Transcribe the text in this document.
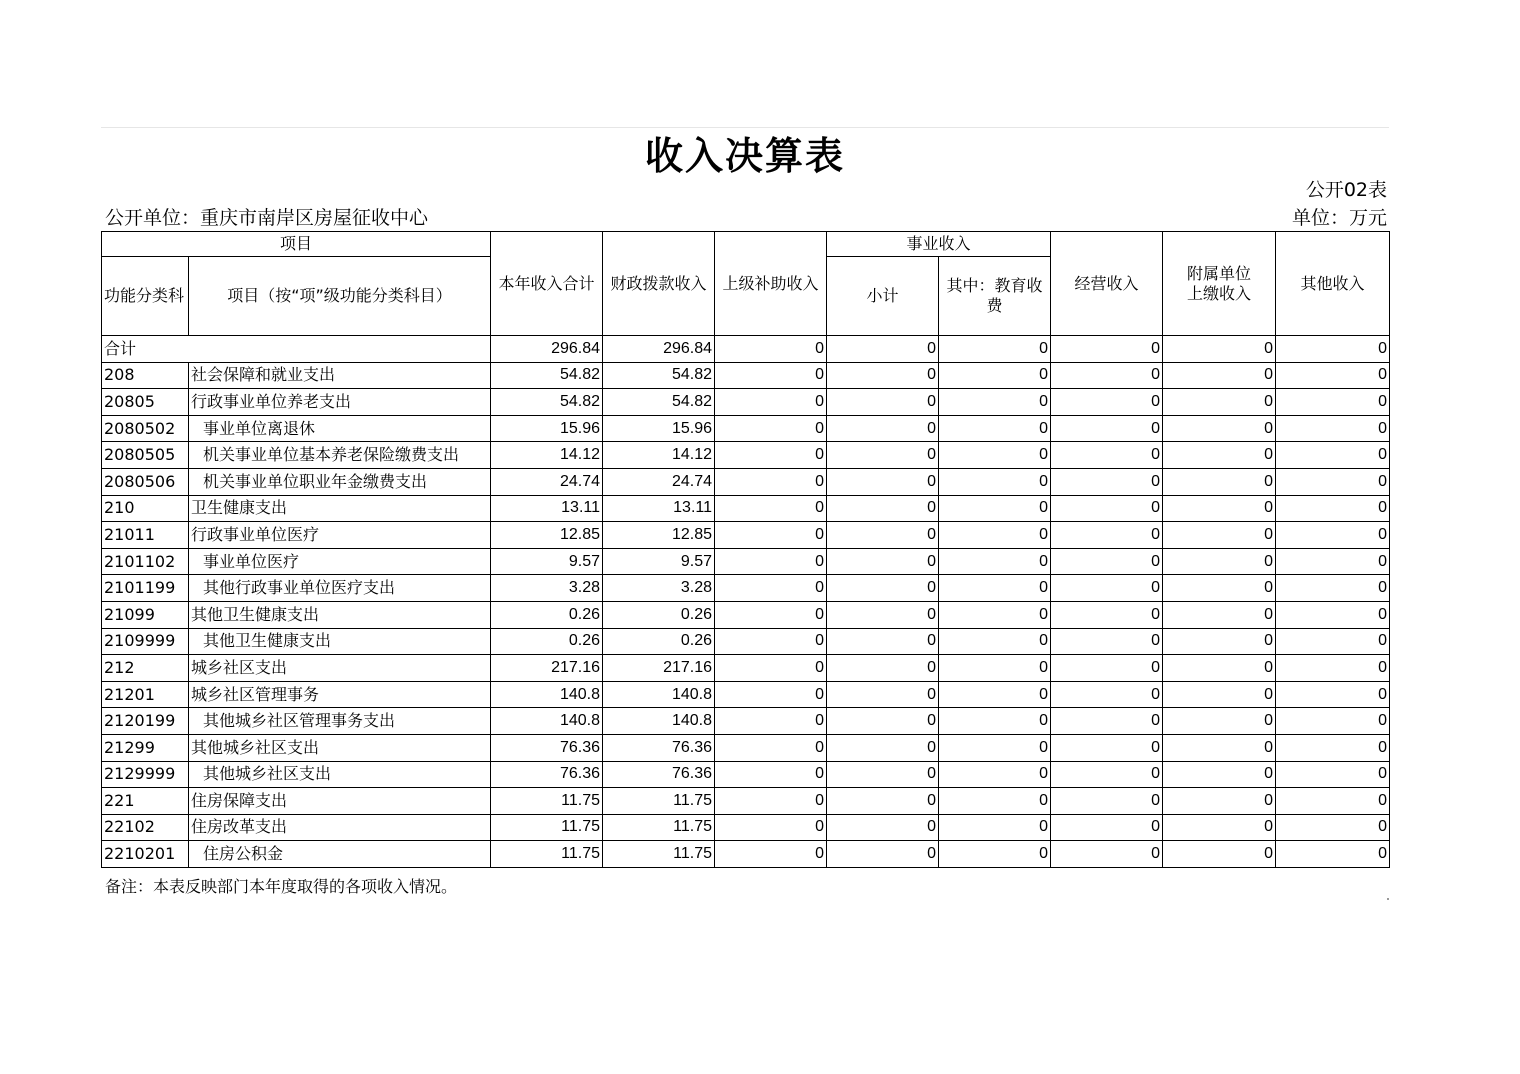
收入决算表
公开02表
公开单位：重庆市南岸区房屋征收中心	单位：万元
项目		本年收入合计	财政拨款收入	上级补助收入	事业收入		经营收入	附属单位上缴收入	其他收入
功能分类科	项目（按“项”级功能分类科目）				小计	其中：教育收费			
合计		296.84	296.84	0	0	0	0	0	0
208	社会保障和就业支出	54.82	54.82	0	0	0	0	0	0
20805	行政事业单位养老支出	54.82	54.82	0	0	0	0	0	0
2080502	事业单位离退休	15.96	15.96	0	0	0	0	0	0
2080505	机关事业单位基本养老保险缴费支出	14.12	14.12	0	0	0	0	0	0
2080506	机关事业单位职业年金缴费支出	24.74	24.74	0	0	0	0	0	0
210	卫生健康支出	13.11	13.11	0	0	0	0	0	0
21011	行政事业单位医疗	12.85	12.85	0	0	0	0	0	0
2101102	事业单位医疗	9.57	9.57	0	0	0	0	0	0
2101199	其他行政事业单位医疗支出	3.28	3.28	0	0	0	0	0	0
21099	其他卫生健康支出	0.26	0.26	0	0	0	0	0	0
2109999	其他卫生健康支出	0.26	0.26	0	0	0	0	0	0
212	城乡社区支出	217.16	217.16	0	0	0	0	0	0
21201	城乡社区管理事务	140.8	140.8	0	0	0	0	0	0
2120199	其他城乡社区管理事务支出	140.8	140.8	0	0	0	0	0	0
21299	其他城乡社区支出	76.36	76.36	0	0	0	0	0	0
2129999	其他城乡社区支出	76.36	76.36	0	0	0	0	0	0
221	住房保障支出	11.75	11.75	0	0	0	0	0	0
22102	住房改革支出	11.75	11.75	0	0	0	0	0	0
2210201	住房公积金	11.75	11.75	0	0	0	0	0	0
备注：本表反映部门本年度取得的各项收入情况。
